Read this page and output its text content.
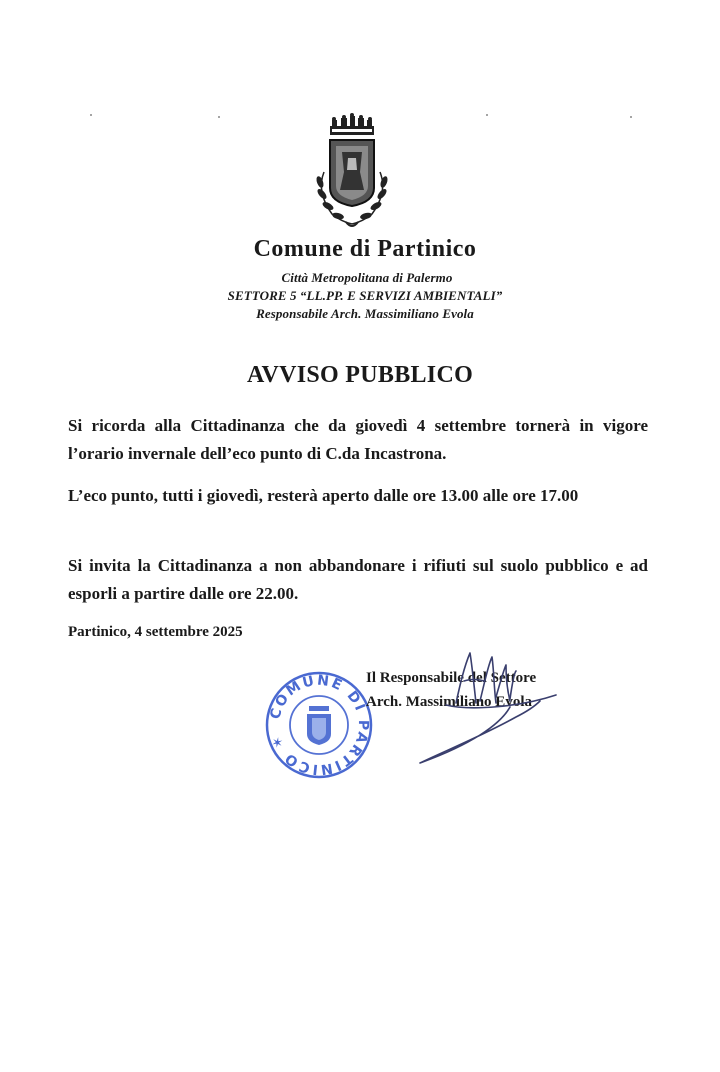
Comune di Partinico
Città Metropolitana di Palermo
SETTORE 5 “LL.PP. E SERVIZI AMBIENTALI”
Responsabile Arch. Massimiliano Evola
AVVISO PUBBLICO
Si ricorda alla Cittadinanza che da giovedì 4 settembre tornerà in vigore l’orario invernale dell’eco punto di C.da Incastrona.
L’eco punto, tutti i giovedì, resterà aperto dalle ore 13.00 alle ore 17.00
Si invita la Cittadinanza a non abbandonare i rifiuti sul suolo pubblico e ad esporli a partire dalle ore 22.00.
Partinico, 4 settembre 2025
COMUNE DI PARTINICO ✶
Il Responsabile del Settore
Arch. Massimiliano Evola
